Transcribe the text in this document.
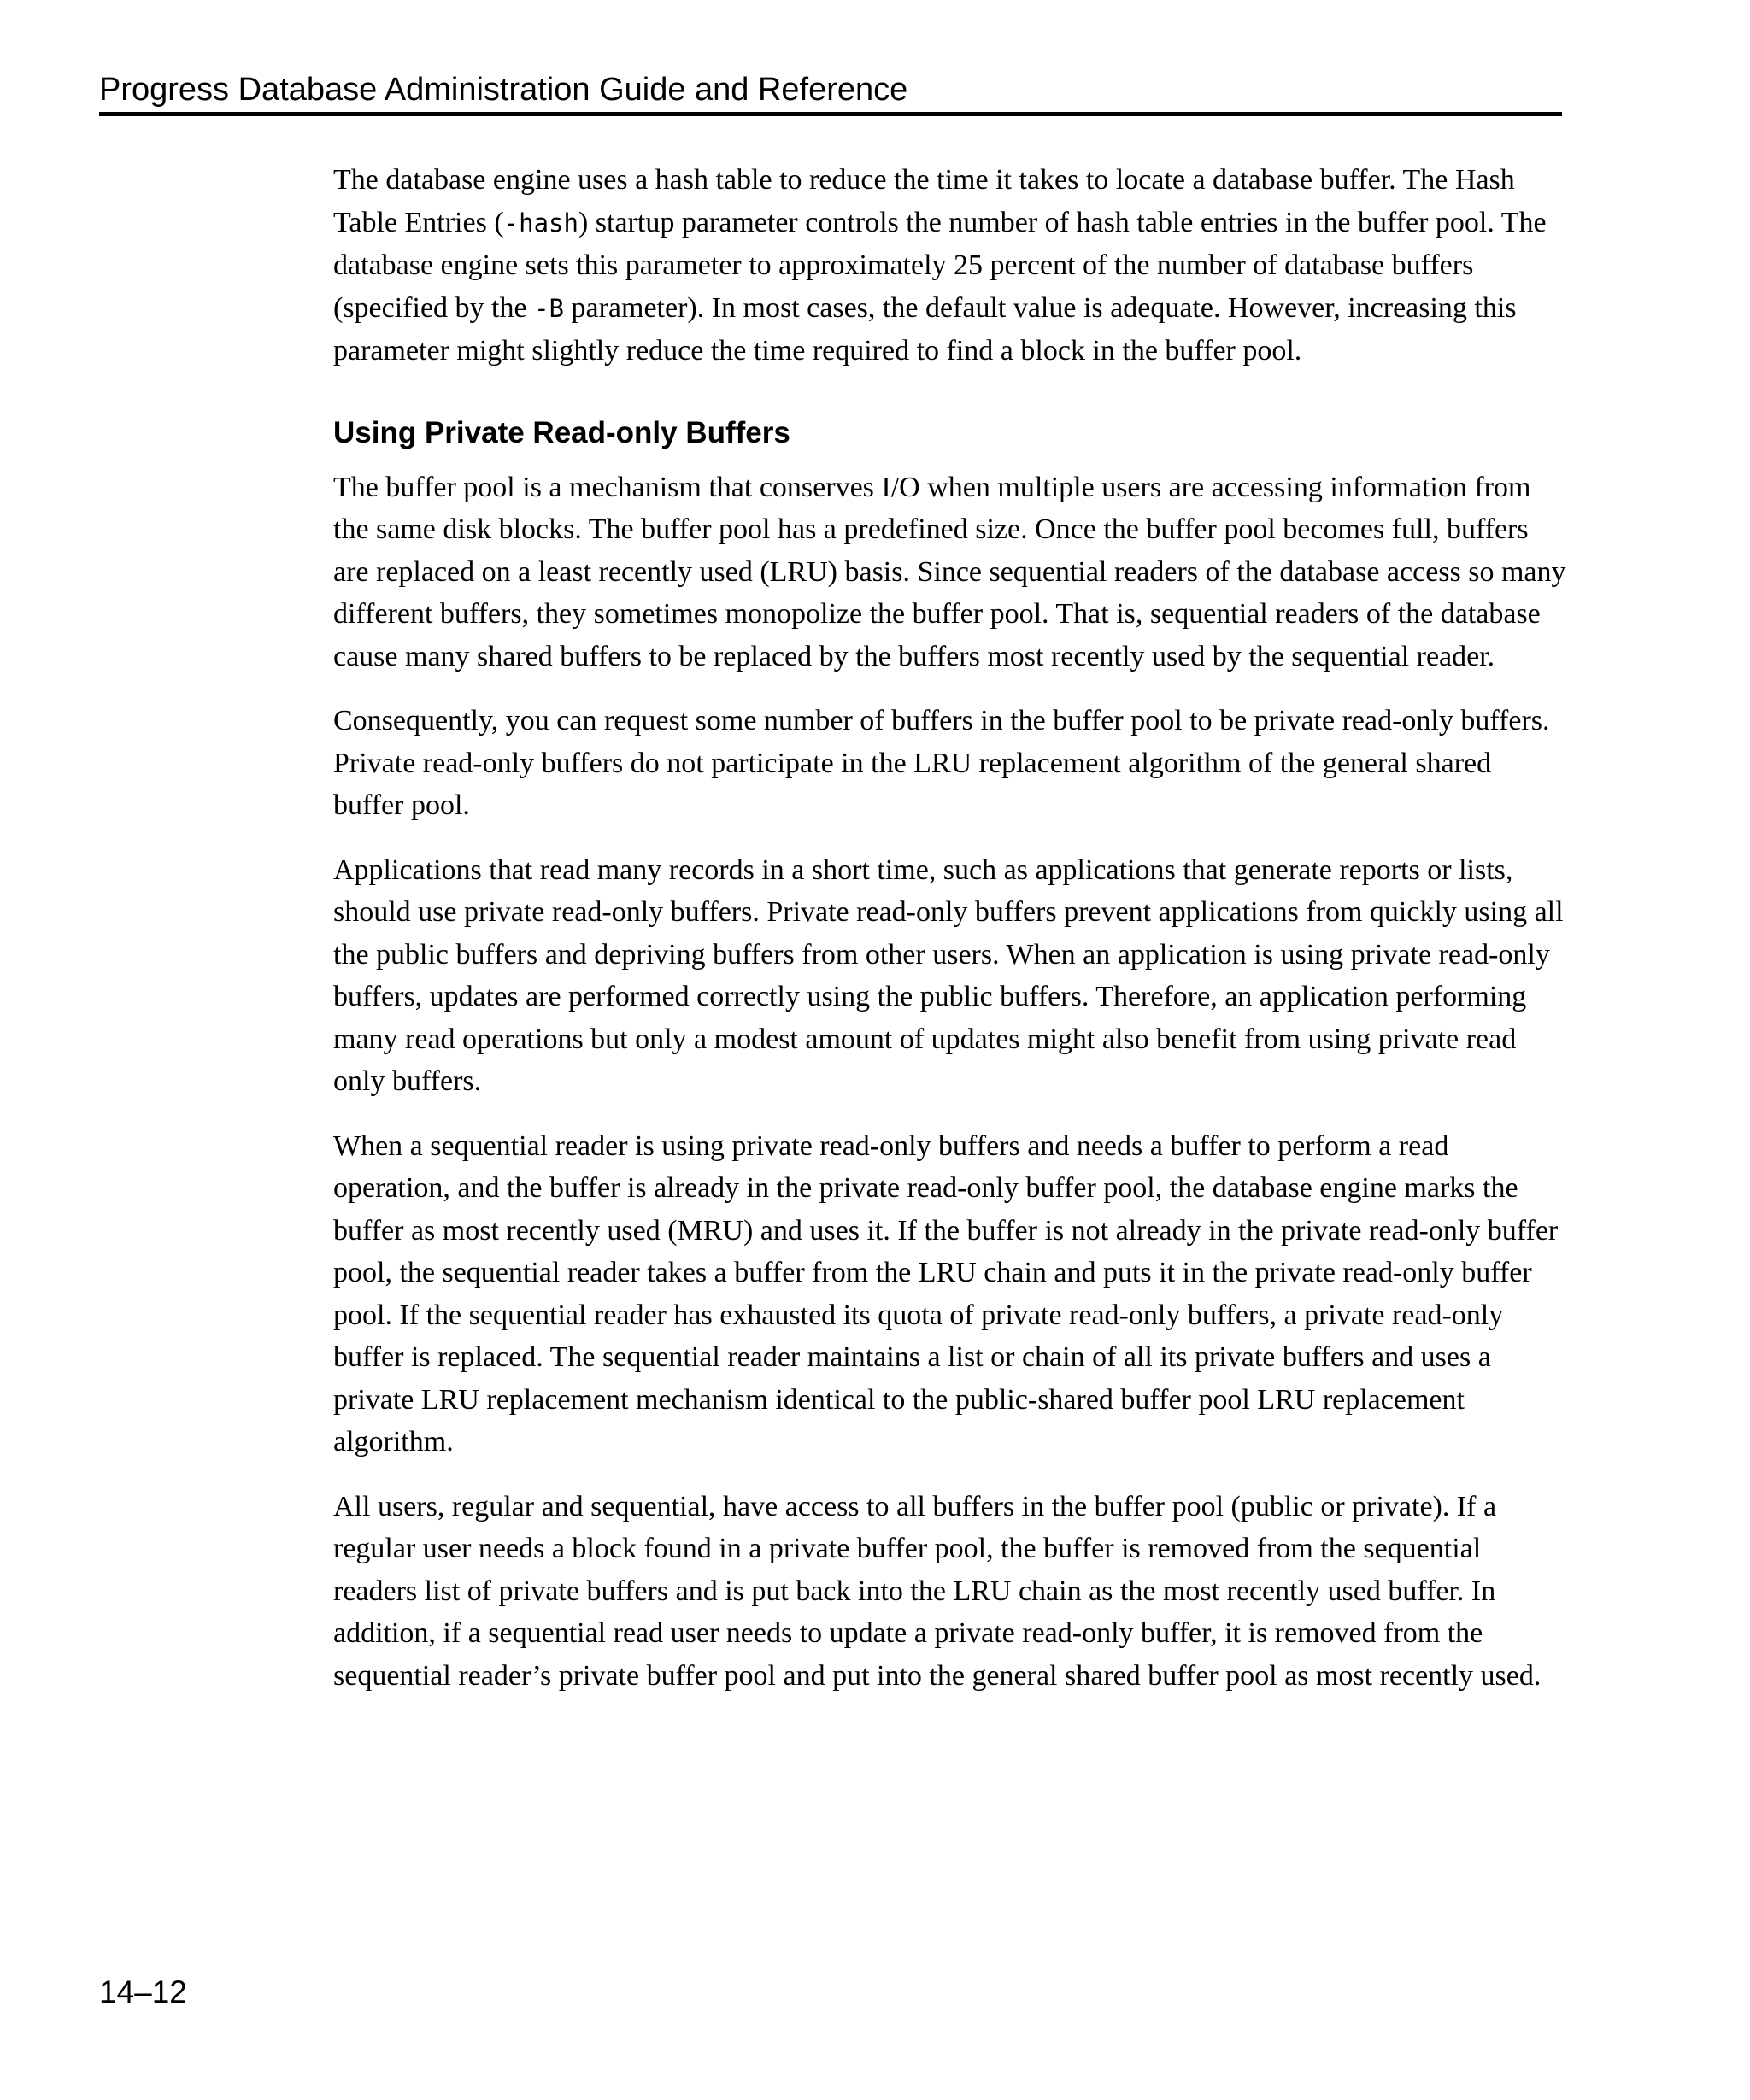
Progress Database Administration Guide and Reference

The database engine uses a hash table to reduce the time it takes to locate a database buffer. The Hash Table Entries (-hash) startup parameter controls the number of hash table entries in the buffer pool. The database engine sets this parameter to approximately 25 percent of the number of database buffers (specified by the -B parameter). In most cases, the default value is adequate. However, increasing this parameter might slightly reduce the time required to find a block in the buffer pool.

Using Private Read-only Buffers

The buffer pool is a mechanism that conserves I/O when multiple users are accessing information from the same disk blocks. The buffer pool has a predefined size. Once the buffer pool becomes full, buffers are replaced on a least recently used (LRU) basis. Since sequential readers of the database access so many different buffers, they sometimes monopolize the buffer pool. That is, sequential readers of the database cause many shared buffers to be replaced by the buffers most recently used by the sequential reader.

Consequently, you can request some number of buffers in the buffer pool to be private read-only buffers. Private read-only buffers do not participate in the LRU replacement algorithm of the general shared buffer pool.

Applications that read many records in a short time, such as applications that generate reports or lists, should use private read-only buffers. Private read-only buffers prevent applications from quickly using all the public buffers and depriving buffers from other users. When an application is using private read-only buffers, updates are performed correctly using the public buffers. Therefore, an application performing many read operations but only a modest amount of updates might also benefit from using private read only buffers.

When a sequential reader is using private read-only buffers and needs a buffer to perform a read operation, and the buffer is already in the private read-only buffer pool, the database engine marks the buffer as most recently used (MRU) and uses it. If the buffer is not already in the private read-only buffer pool, the sequential reader takes a buffer from the LRU chain and puts it in the private read-only buffer pool. If the sequential reader has exhausted its quota of private read-only buffers, a private read-only buffer is replaced. The sequential reader maintains a list or chain of all its private buffers and uses a private LRU replacement mechanism identical to the public-shared buffer pool LRU replacement algorithm.

All users, regular and sequential, have access to all buffers in the buffer pool (public or private). If a regular user needs a block found in a private buffer pool, the buffer is removed from the sequential readers list of private buffers and is put back into the LRU chain as the most recently used buffer. In addition, if a sequential read user needs to update a private read-only buffer, it is removed from the sequential reader’s private buffer pool and put into the general shared buffer pool as most recently used.

14–12
